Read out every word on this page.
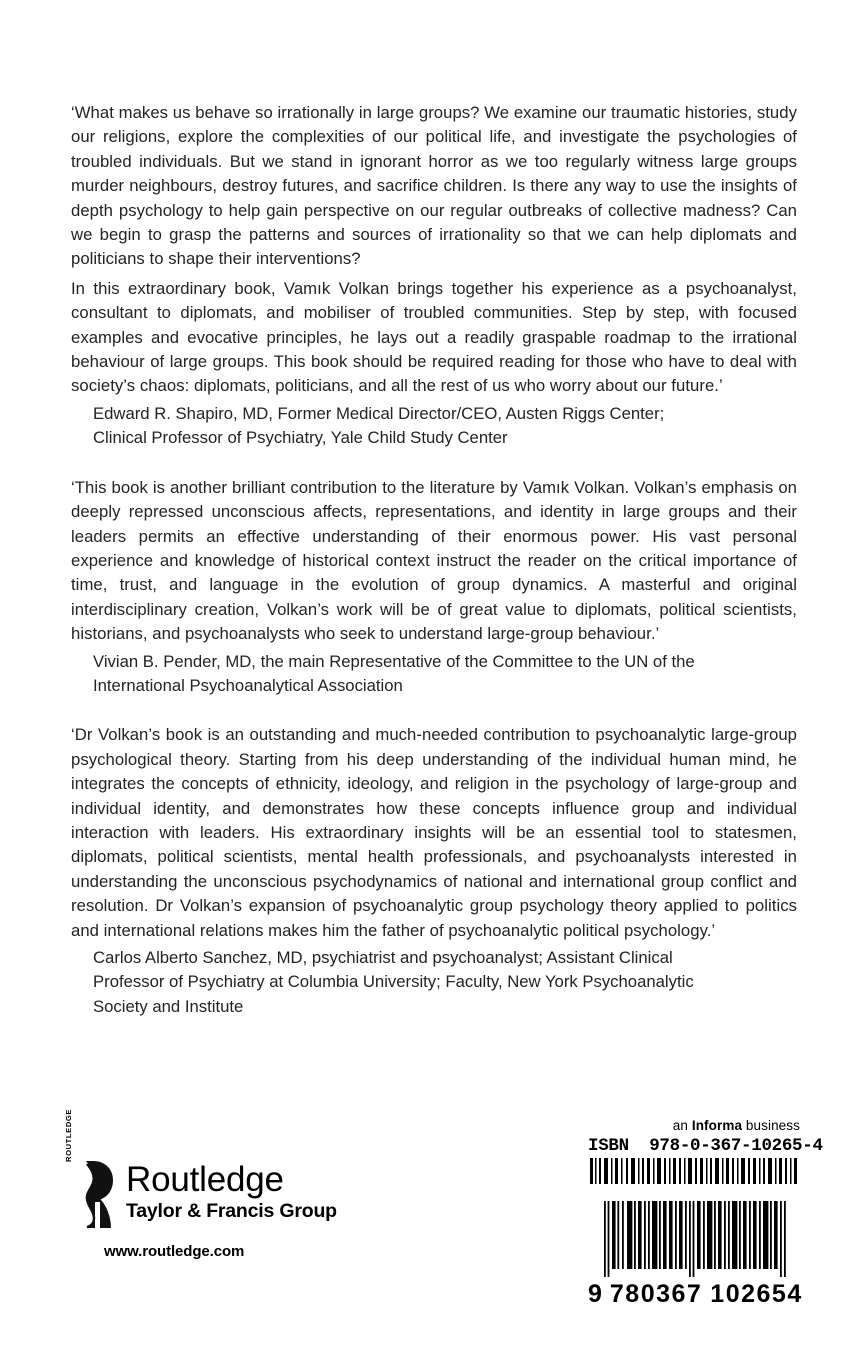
‘What makes us behave so irrationally in large groups? We examine our traumatic histories, study our religions, explore the complexities of our political life, and investigate the psychologies of troubled individuals. But we stand in ignorant horror as we too regularly witness large groups murder neighbours, destroy futures, and sacrifice children. Is there any way to use the insights of depth psychology to help gain perspective on our regular outbreaks of collective madness? Can we begin to grasp the patterns and sources of irrationality so that we can help diplomats and politicians to shape their interventions?

In this extraordinary book, Vamık Volkan brings together his experience as a psychoanalyst, consultant to diplomats, and mobiliser of troubled communities. Step by step, with focused examples and evocative principles, he lays out a readily graspable roadmap to the irrational behaviour of large groups. This book should be required reading for those who have to deal with society’s chaos: diplomats, politicians, and all the rest of us who worry about our future.’

Edward R. Shapiro, MD, Former Medical Director/CEO, Austen Riggs Center;

Clinical Professor of Psychiatry, Yale Child Study Center

‘This book is another brilliant contribution to the literature by Vamık Volkan. Volkan’s emphasis on deeply repressed unconscious affects, representations, and identity in large groups and their leaders permits an effective understanding of their enormous power. His vast personal experience and knowledge of historical context instruct the reader on the critical importance of time, trust, and language in the evolution of group dynamics. A masterful and original interdisciplinary creation, Volkan’s work will be of great value to diplomats, political scientists, historians, and psychoanalysts who seek to understand large-group behaviour.’

Vivian B. Pender, MD, the main Representative of the Committee to the UN of the

International Psychoanalytical Association

‘Dr Volkan’s book is an outstanding and much-needed contribution to psychoanalytic large-group psychological theory. Starting from his deep understanding of the individual human mind, he integrates the concepts of ethnicity, ideology, and religion in the psychology of large-group and individual identity, and demonstrates how these concepts influence group and individual interaction with leaders. His extraordinary insights will be an essential tool to statesmen, diplomats, political scientists, mental health professionals, and psychoanalysts interested in understanding the unconscious psychodynamics of national and international group conflict and resolution. Dr Volkan’s expansion of psychoanalytic group psychology theory applied to politics and international relations makes him the father of psychoanalytic political psychology.’

Carlos Alberto Sanchez, MD, psychiatrist and psychoanalyst; Assistant Clinical

Professor of Psychiatry at Columbia University; Faculty, New York Psychoanalytic

Society and Institute

ROUTLEDGE
Routledge
Taylor & Francis Group
www.routledge.com
an Informa business
ISBN 978-0-367-10265-4

9 780367 102654
